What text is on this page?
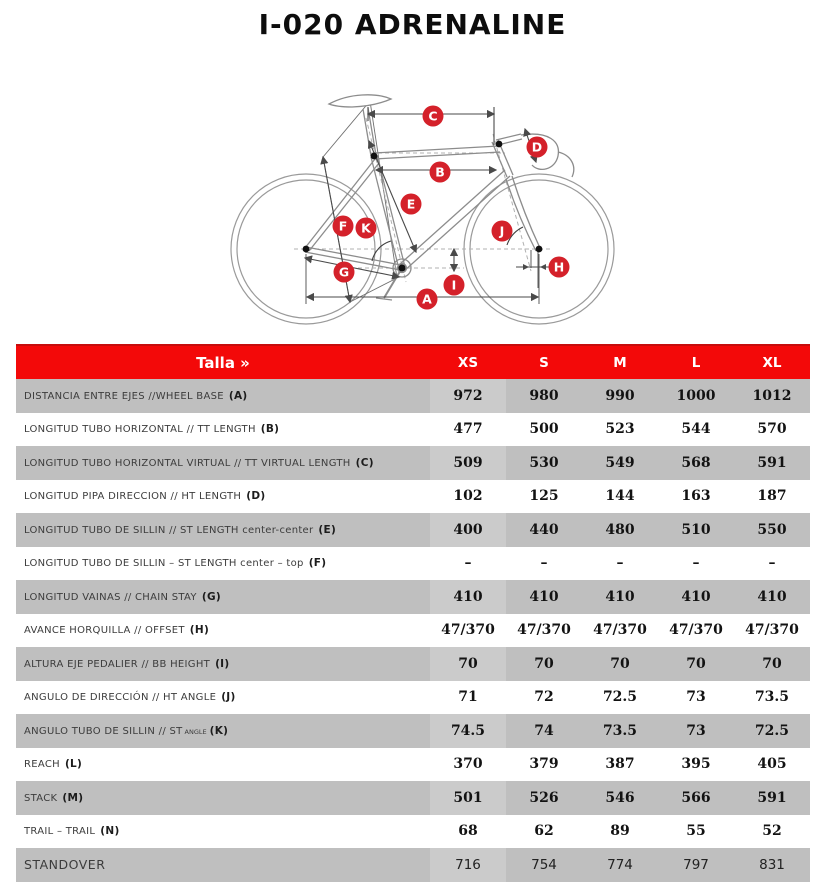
I-020 ADRENALINE
A
B
C
D
E
F
G	H
I
J
K
Talla »	XS	S	M	L	XL
DISTANCIA ENTRE EJES //WHEEL BASE (A)	972	980	990	1000	1012
LONGITUD TUBO HORIZONTAL // TT LENGTH (B)	477	500	523	544	570
LONGITUD TUBO HORIZONTAL VIRTUAL // TT VIRTUAL LENGTH (C)	509	530	549	568	591
LONGITUD PIPA DIRECCION // HT LENGTH (D)	102	125	144	163	187
LONGITUD TUBO DE SILLIN // ST LENGTH center-center (E)	400	440	480	510	550
LONGITUD TUBO DE SILLIN – ST LENGTH center – top (F)	–	–	–	–	–
LONGITUD VAINAS // CHAIN STAY (G)	410	410	410	410	410
AVANCE HORQUILLA // OFFSET (H)	47/370	47/370	47/370	47/370	47/370
ALTURA EJE PEDALIER // BB HEIGHT (I)	70	70	70	70	70
ANGULO DE DIRECCIÓN // HT ANGLE (J)	71	72	72.5	73	73.5
ANGULO TUBO DE SILLIN // ST ANGLE (K)	74.5	74	73.5	73	72.5
REACH (L)	370	379	387	395	405
STACK (M)	501	526	546	566	591
TRAIL – TRAIL (N)	68	62	89	55	52
STANDOVER	716	754	774	797	831
